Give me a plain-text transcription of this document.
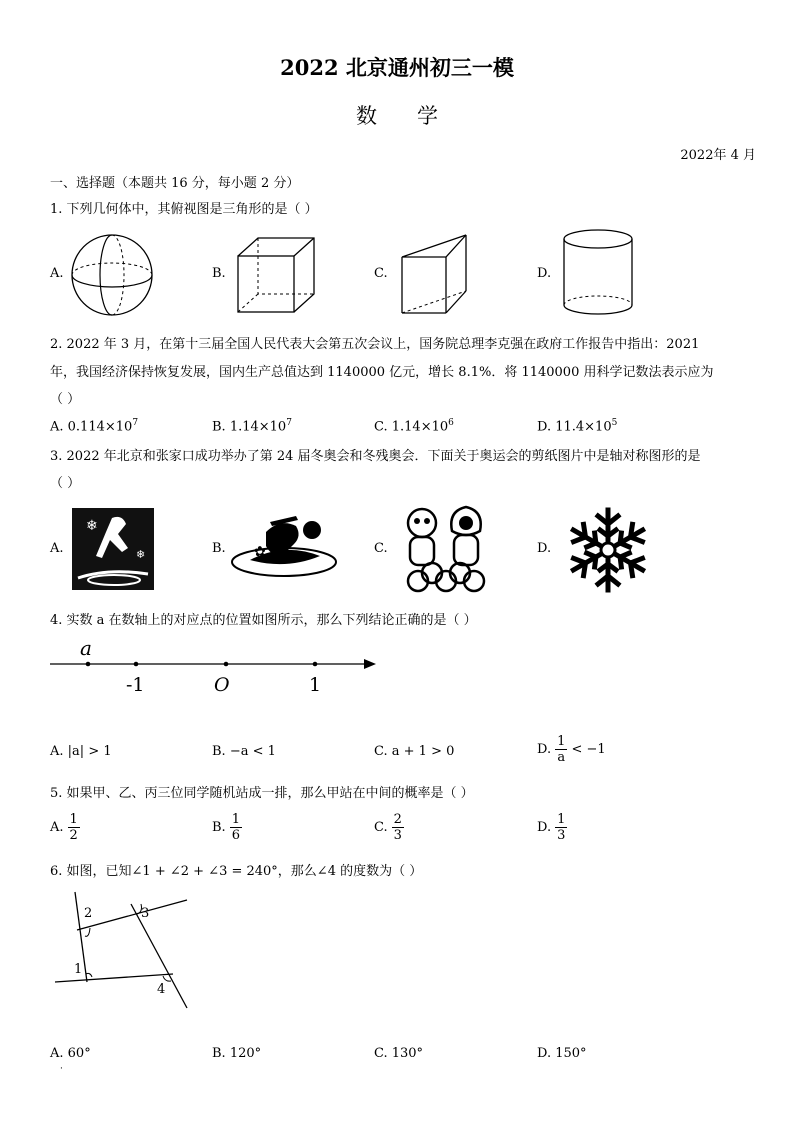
2022 北京通州初三一模
数学
2022年 4 月
一、选择题（本题共 16 分，每小题 2 分）
1. 下列几何体中，其俯视图是三角形的是（ ）
A.	B.	C.	D.
2. 2022 年 3 月，在第十三届全国人民代表大会第五次会议上，国务院总理李克强在政府工作报告中指出：2021
年，我国经济保持恢复发展，国内生产总值达到 1140000 亿元，增长 8.1%．将 1140000 用科学记数法表示应为
（ ）
A. $0.114\times 10^7$	B. $1.14\times 10^7$	C. $1.14\times 10^6$	D. $11.4\times 10^5$
3. 2022 年北京和张家口成功举办了第 24 届冬奥会和冬残奥会．下面关于奥运会的剪纸图片中是轴对称图形的是
（ ）
A.	B.	C.	D.
❄
❄	✿
4. 实数 a 在数轴上的对应点的位置如图所示，那么下列结论正确的是（ ）
a
-1	O	1
A. |a| > 1	B. −a < 1	C. a + 1 > 0	D. $\frac{1}{a} < -1$
5. 如果甲、乙、丙三位同学随机站成一排，那么甲站在中间的概率是（ ）
A. $\frac{1}{2}$	B. $\frac{1}{6}$	C. $\frac{2}{3}$	D. $\frac{1}{3}$
6. 如图，已知∠1 + ∠2 + ∠3 = 240°，那么∠4 的度数为（ ）
2	3
1
4
A. 60°	B. 120°	C. 130°	D. 150°
·
